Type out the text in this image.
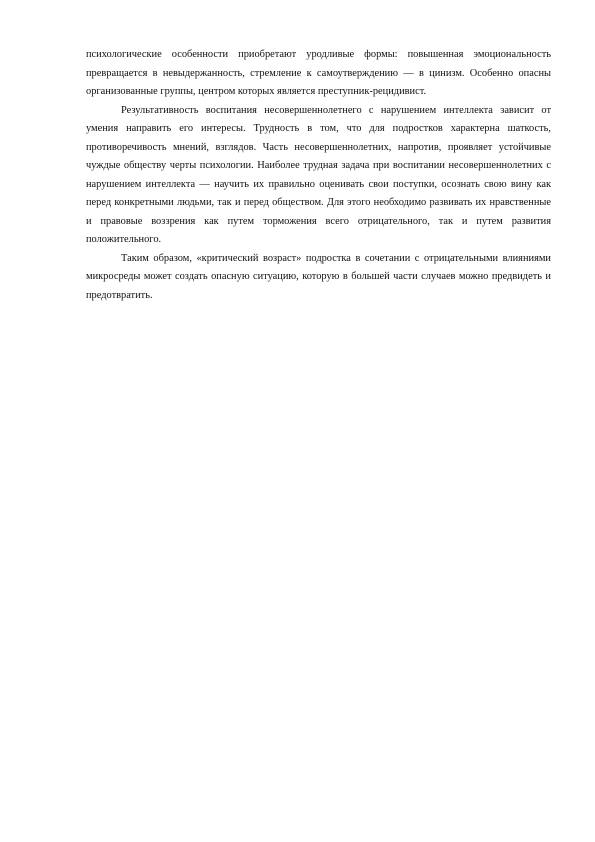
психологические особенности приобретают уродливые формы: повышенная эмоциональность превращается в невыдержанность, стремление к самоутверждению — в цинизм. Особенно опасны организованные группы, центром которых является преступник-рецидивист.

Результативность воспитания несовершеннолетнего с нарушением интеллекта зависит от умения направить его интересы. Трудность в том, что для подростков характерна шаткость, противоречивость мнений, взглядов. Часть несовершеннолетних, напротив, проявляет устойчивые чуждые обществу черты психологии. Наиболее трудная задача при воспитании несовершеннолетних с нарушением интеллекта — научить их правильно оценивать свои поступки, осознать свою вину как перед конкретными людьми, так и перед обществом. Для этого необходимо развивать их нравственные и правовые воззрения как путем торможения всего отрицательного, так и путем развития положительного.

Таким образом, «критический возраст» подростка в сочетании с отрицательными влияниями микросреды может создать опасную ситуацию, которую в большей части случаев можно предвидеть и предотвратить.
